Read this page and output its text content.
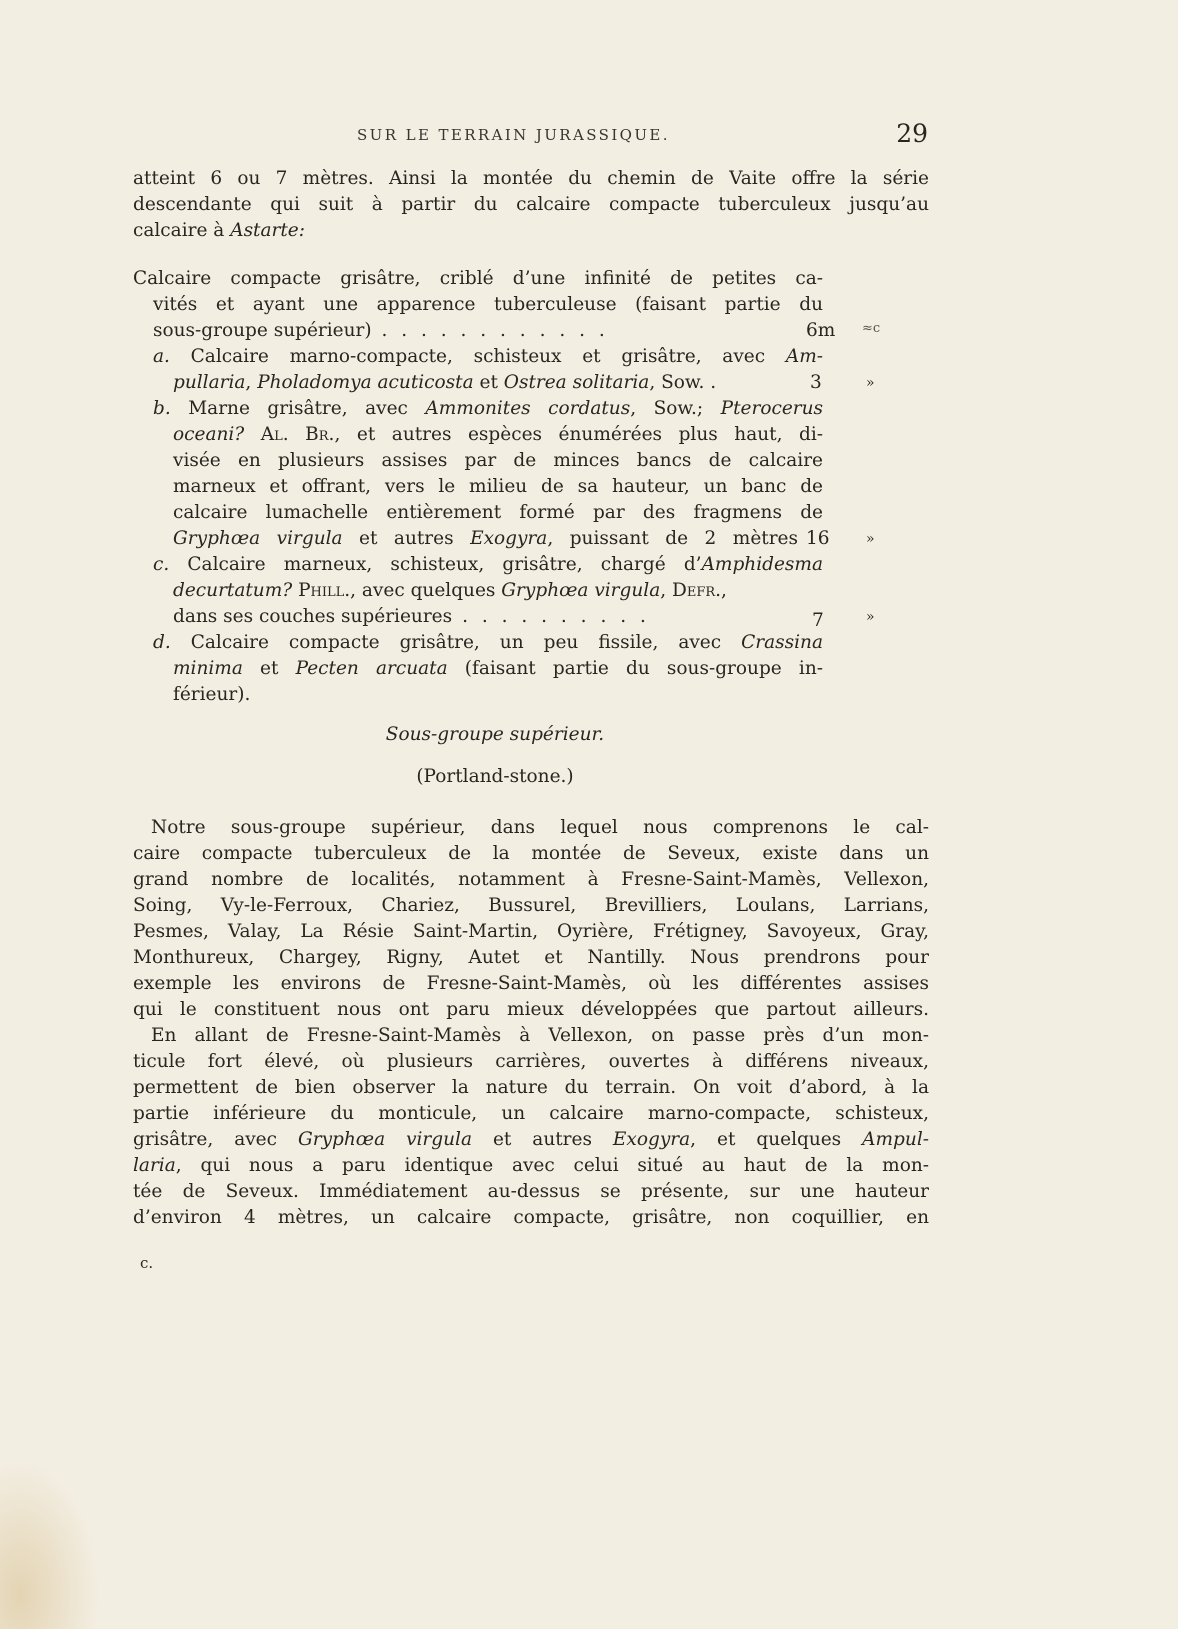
SUR LE TERRAIN JURASSIQUE.	29

atteint 6 ou 7 mètres. Ainsi la montée du chemin de Vaite offre la série

descendante qui suit à partir du calcaire compacte tuberculeux jusqu’au

calcaire à Astarte:

Calcaire compacte grisâtre, criblé d’une infinité de petites ca-

vités et ayant une apparence tuberculeuse (faisant partie du

sous-groupe supérieur) . . . . . . . . . . . .	6m	≈c

a. Calcaire marno-compacte, schisteux et grisâtre, avec Am-

pullaria, Pholadomya acuticosta et Ostrea solitaria, Sow. .	3	»

b. Marne grisâtre, avec Ammonites cordatus, Sow.; Pterocerus

oceani? Al. Br., et autres espèces énumérées plus haut, di-

visée en plusieurs assises par de minces bancs de calcaire

marneux et offrant, vers le milieu de sa hauteur, un banc de

calcaire lumachelle entièrement formé par des fragmens de

Gryphœa virgula et autres Exogyra, puissant de 2 mètres 16	»

c. Calcaire marneux, schisteux, grisâtre, chargé d’Amphidesma

decurtatum? Phill., avec quelques Gryphœa virgula, Defr.,

dans ses couches supérieures . . . . . . . . . .	7	»

d. Calcaire compacte grisâtre, un peu fissile, avec Crassina

minima et Pecten arcuata (faisant partie du sous-groupe in-

férieur).

Sous-groupe supérieur.
(Portland-stone.)

Notre sous-groupe supérieur, dans lequel nous comprenons le cal-

caire compacte tuberculeux de la montée de Seveux, existe dans un

grand nombre de localités, notamment à Fresne-Saint-Mamès, Vellexon,

Soing, Vy-le-Ferroux, Chariez, Bussurel, Brevilliers, Loulans, Larrians,

Pesmes, Valay, La Résie Saint-Martin, Oyrière, Frétigney, Savoyeux, Gray,

Monthureux, Chargey, Rigny, Autet et Nantilly. Nous prendrons pour

exemple les environs de Fresne-Saint-Mamès, où les différentes assises

qui le constituent nous ont paru mieux développées que partout ailleurs.

En allant de Fresne-Saint-Mamès à Vellexon, on passe près d’un mon-

ticule fort élevé, où plusieurs carrières, ouvertes à différens niveaux,

permettent de bien observer la nature du terrain. On voit d’abord, à la

partie inférieure du monticule, un calcaire marno-compacte, schisteux,

grisâtre, avec Gryphœa virgula et autres Exogyra, et quelques Ampul-

laria, qui nous a paru identique avec celui situé au haut de la mon-

tée de Seveux. Immédiatement au-dessus se présente, sur une hauteur

d’environ 4 mètres, un calcaire compacte, grisâtre, non coquillier, en

c.
